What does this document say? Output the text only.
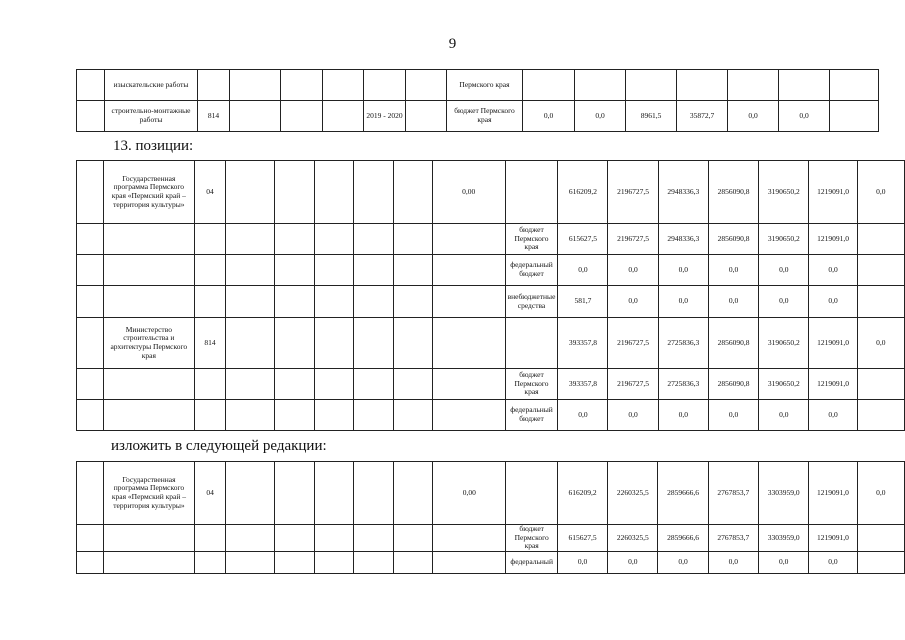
9
	изыскательские работы							Пермского края							
	строительно-монтажные работы	814				2019 - 2020		бюджет Пермского края	0,0	0,0	8961,5	35872,7	0,0	0,0	
13. позиции:
	Государственная программа Пермского края «Пермский край – территория культуры»	04						0,00		616209,2	2196727,5	2948336,3	2856090,8	3190650,2	1219091,0	0,0
									бюджет Пермского края	615627,5	2196727,5	2948336,3	2856090,8	3190650,2	1219091,0	
									федеральный бюджет	0,0	0,0	0,0	0,0	0,0	0,0	
									внебюджетные средства	581,7	0,0	0,0	0,0	0,0	0,0	
	Министерство строительства и архитектуры Пермского края	814								393357,8	2196727,5	2725836,3	2856090,8	3190650,2	1219091,0	0,0
									бюджет Пермского края	393357,8	2196727,5	2725836,3	2856090,8	3190650,2	1219091,0	
									федеральный бюджет	0,0	0,0	0,0	0,0	0,0	0,0	
изложить в следующей редакции:
	Государственная программа Пермского края «Пермский край – территория культуры»	04						0,00		616209,2	2260325,5	2859666,6	2767853,7	3303959,0	1219091,0	0,0
									бюджет Пермского края	615627,5	2260325,5	2859666,6	2767853,7	3303959,0	1219091,0	
									федеральный	0,0	0,0	0,0	0,0	0,0	0,0	
